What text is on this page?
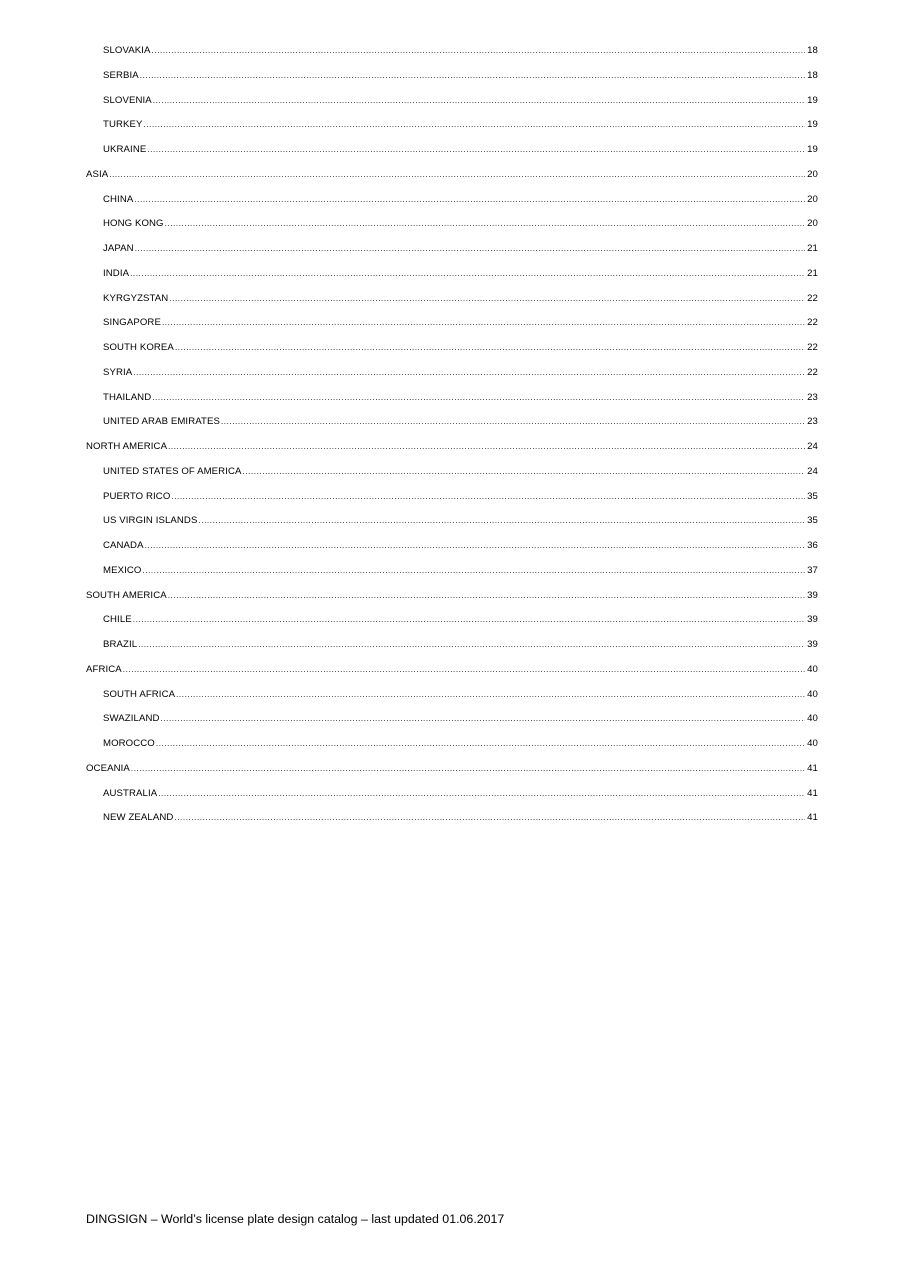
SLOVAKIA .....	18
SERBIA .....	18
SLOVENIA .....	19
TURKEY .....	19
UKRAINE .....	19
ASIA .....	20
CHINA .....	20
HONG KONG .....	20
JAPAN .....	21
INDIA .....	21
KYRGYZSTAN .....	22
SINGAPORE .....	22
SOUTH KOREA .....	22
SYRIA .....	22
THAILAND .....	23
UNITED ARAB EMIRATES .....	23
NORTH AMERICA .....	24
UNITED STATES OF AMERICA .....	24
PUERTO RICO .....	35
US VIRGIN ISLANDS .....	35
CANADA .....	36
MEXICO .....	37
SOUTH AMERICA .....	39
CHILE .....	39
BRAZIL .....	39
AFRICA .....	40
SOUTH AFRICA .....	40
SWAZILAND .....	40
MOROCCO .....	40
OCEANIA .....	41
AUSTRALIA .....	41
NEW ZEALAND .....	41
DINGSIGN – World’s license plate design catalog – last updated 01.06.2017
